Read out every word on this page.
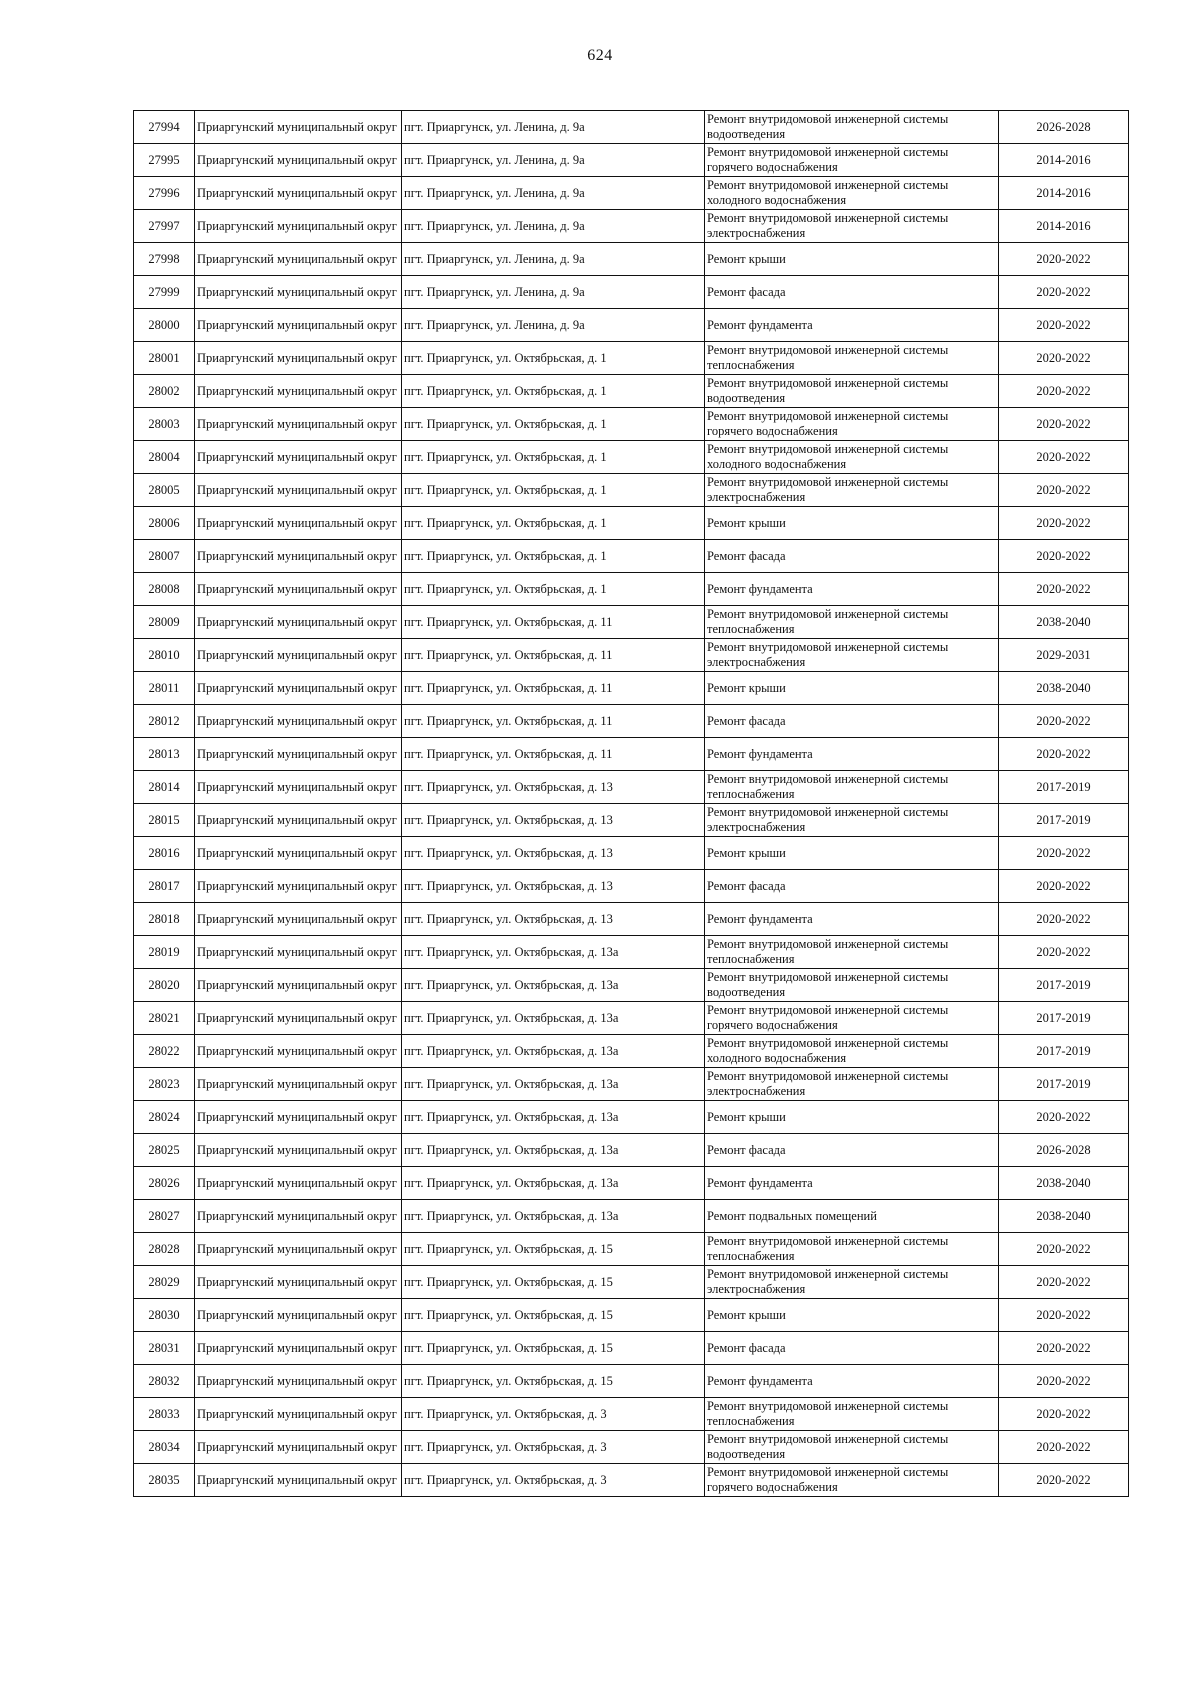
624
27994	Приаргунский муниципальный округ	пгт. Приаргунск, ул. Ленина, д. 9а	Ремонт внутридомовой инженерной системы водоотведения	2026-2028
27995	Приаргунский муниципальный округ	пгт. Приаргунск, ул. Ленина, д. 9а	Ремонт внутридомовой инженерной системы горячего водоснабжения	2014-2016
27996	Приаргунский муниципальный округ	пгт. Приаргунск, ул. Ленина, д. 9а	Ремонт внутридомовой инженерной системы холодного водоснабжения	2014-2016
27997	Приаргунский муниципальный округ	пгт. Приаргунск, ул. Ленина, д. 9а	Ремонт внутридомовой инженерной системы электроснабжения	2014-2016
27998	Приаргунский муниципальный округ	пгт. Приаргунск, ул. Ленина, д. 9а	Ремонт крыши	2020-2022
27999	Приаргунский муниципальный округ	пгт. Приаргунск, ул. Ленина, д. 9а	Ремонт фасада	2020-2022
28000	Приаргунский муниципальный округ	пгт. Приаргунск, ул. Ленина, д. 9а	Ремонт фундамента	2020-2022
28001	Приаргунский муниципальный округ	пгт. Приаргунск, ул. Октябрьская, д. 1	Ремонт внутридомовой инженерной системы теплоснабжения	2020-2022
28002	Приаргунский муниципальный округ	пгт. Приаргунск, ул. Октябрьская, д. 1	Ремонт внутридомовой инженерной системы водоотведения	2020-2022
28003	Приаргунский муниципальный округ	пгт. Приаргунск, ул. Октябрьская, д. 1	Ремонт внутридомовой инженерной системы горячего водоснабжения	2020-2022
28004	Приаргунский муниципальный округ	пгт. Приаргунск, ул. Октябрьская, д. 1	Ремонт внутридомовой инженерной системы холодного водоснабжения	2020-2022
28005	Приаргунский муниципальный округ	пгт. Приаргунск, ул. Октябрьская, д. 1	Ремонт внутридомовой инженерной системы электроснабжения	2020-2022
28006	Приаргунский муниципальный округ	пгт. Приаргунск, ул. Октябрьская, д. 1	Ремонт крыши	2020-2022
28007	Приаргунский муниципальный округ	пгт. Приаргунск, ул. Октябрьская, д. 1	Ремонт фасада	2020-2022
28008	Приаргунский муниципальный округ	пгт. Приаргунск, ул. Октябрьская, д. 1	Ремонт фундамента	2020-2022
28009	Приаргунский муниципальный округ	пгт. Приаргунск, ул. Октябрьская, д. 11	Ремонт внутридомовой инженерной системы теплоснабжения	2038-2040
28010	Приаргунский муниципальный округ	пгт. Приаргунск, ул. Октябрьская, д. 11	Ремонт внутридомовой инженерной системы электроснабжения	2029-2031
28011	Приаргунский муниципальный округ	пгт. Приаргунск, ул. Октябрьская, д. 11	Ремонт крыши	2038-2040
28012	Приаргунский муниципальный округ	пгт. Приаргунск, ул. Октябрьская, д. 11	Ремонт фасада	2020-2022
28013	Приаргунский муниципальный округ	пгт. Приаргунск, ул. Октябрьская, д. 11	Ремонт фундамента	2020-2022
28014	Приаргунский муниципальный округ	пгт. Приаргунск, ул. Октябрьская, д. 13	Ремонт внутридомовой инженерной системы теплоснабжения	2017-2019
28015	Приаргунский муниципальный округ	пгт. Приаргунск, ул. Октябрьская, д. 13	Ремонт внутридомовой инженерной системы электроснабжения	2017-2019
28016	Приаргунский муниципальный округ	пгт. Приаргунск, ул. Октябрьская, д. 13	Ремонт крыши	2020-2022
28017	Приаргунский муниципальный округ	пгт. Приаргунск, ул. Октябрьская, д. 13	Ремонт фасада	2020-2022
28018	Приаргунский муниципальный округ	пгт. Приаргунск, ул. Октябрьская, д. 13	Ремонт фундамента	2020-2022
28019	Приаргунский муниципальный округ	пгт. Приаргунск, ул. Октябрьская, д. 13а	Ремонт внутридомовой инженерной системы теплоснабжения	2020-2022
28020	Приаргунский муниципальный округ	пгт. Приаргунск, ул. Октябрьская, д. 13а	Ремонт внутридомовой инженерной системы водоотведения	2017-2019
28021	Приаргунский муниципальный округ	пгт. Приаргунск, ул. Октябрьская, д. 13а	Ремонт внутридомовой инженерной системы горячего водоснабжения	2017-2019
28022	Приаргунский муниципальный округ	пгт. Приаргунск, ул. Октябрьская, д. 13а	Ремонт внутридомовой инженерной системы холодного водоснабжения	2017-2019
28023	Приаргунский муниципальный округ	пгт. Приаргунск, ул. Октябрьская, д. 13а	Ремонт внутридомовой инженерной системы электроснабжения	2017-2019
28024	Приаргунский муниципальный округ	пгт. Приаргунск, ул. Октябрьская, д. 13а	Ремонт крыши	2020-2022
28025	Приаргунский муниципальный округ	пгт. Приаргунск, ул. Октябрьская, д. 13а	Ремонт фасада	2026-2028
28026	Приаргунский муниципальный округ	пгт. Приаргунск, ул. Октябрьская, д. 13а	Ремонт фундамента	2038-2040
28027	Приаргунский муниципальный округ	пгт. Приаргунск, ул. Октябрьская, д. 13а	Ремонт подвальных помещений	2038-2040
28028	Приаргунский муниципальный округ	пгт. Приаргунск, ул. Октябрьская, д. 15	Ремонт внутридомовой инженерной системы теплоснабжения	2020-2022
28029	Приаргунский муниципальный округ	пгт. Приаргунск, ул. Октябрьская, д. 15	Ремонт внутридомовой инженерной системы электроснабжения	2020-2022
28030	Приаргунский муниципальный округ	пгт. Приаргунск, ул. Октябрьская, д. 15	Ремонт крыши	2020-2022
28031	Приаргунский муниципальный округ	пгт. Приаргунск, ул. Октябрьская, д. 15	Ремонт фасада	2020-2022
28032	Приаргунский муниципальный округ	пгт. Приаргунск, ул. Октябрьская, д. 15	Ремонт фундамента	2020-2022
28033	Приаргунский муниципальный округ	пгт. Приаргунск, ул. Октябрьская, д. 3	Ремонт внутридомовой инженерной системы теплоснабжения	2020-2022
28034	Приаргунский муниципальный округ	пгт. Приаргунск, ул. Октябрьская, д. 3	Ремонт внутридомовой инженерной системы водоотведения	2020-2022
28035	Приаргунский муниципальный округ	пгт. Приаргунск, ул. Октябрьская, д. 3	Ремонт внутридомовой инженерной системы горячего водоснабжения	2020-2022
